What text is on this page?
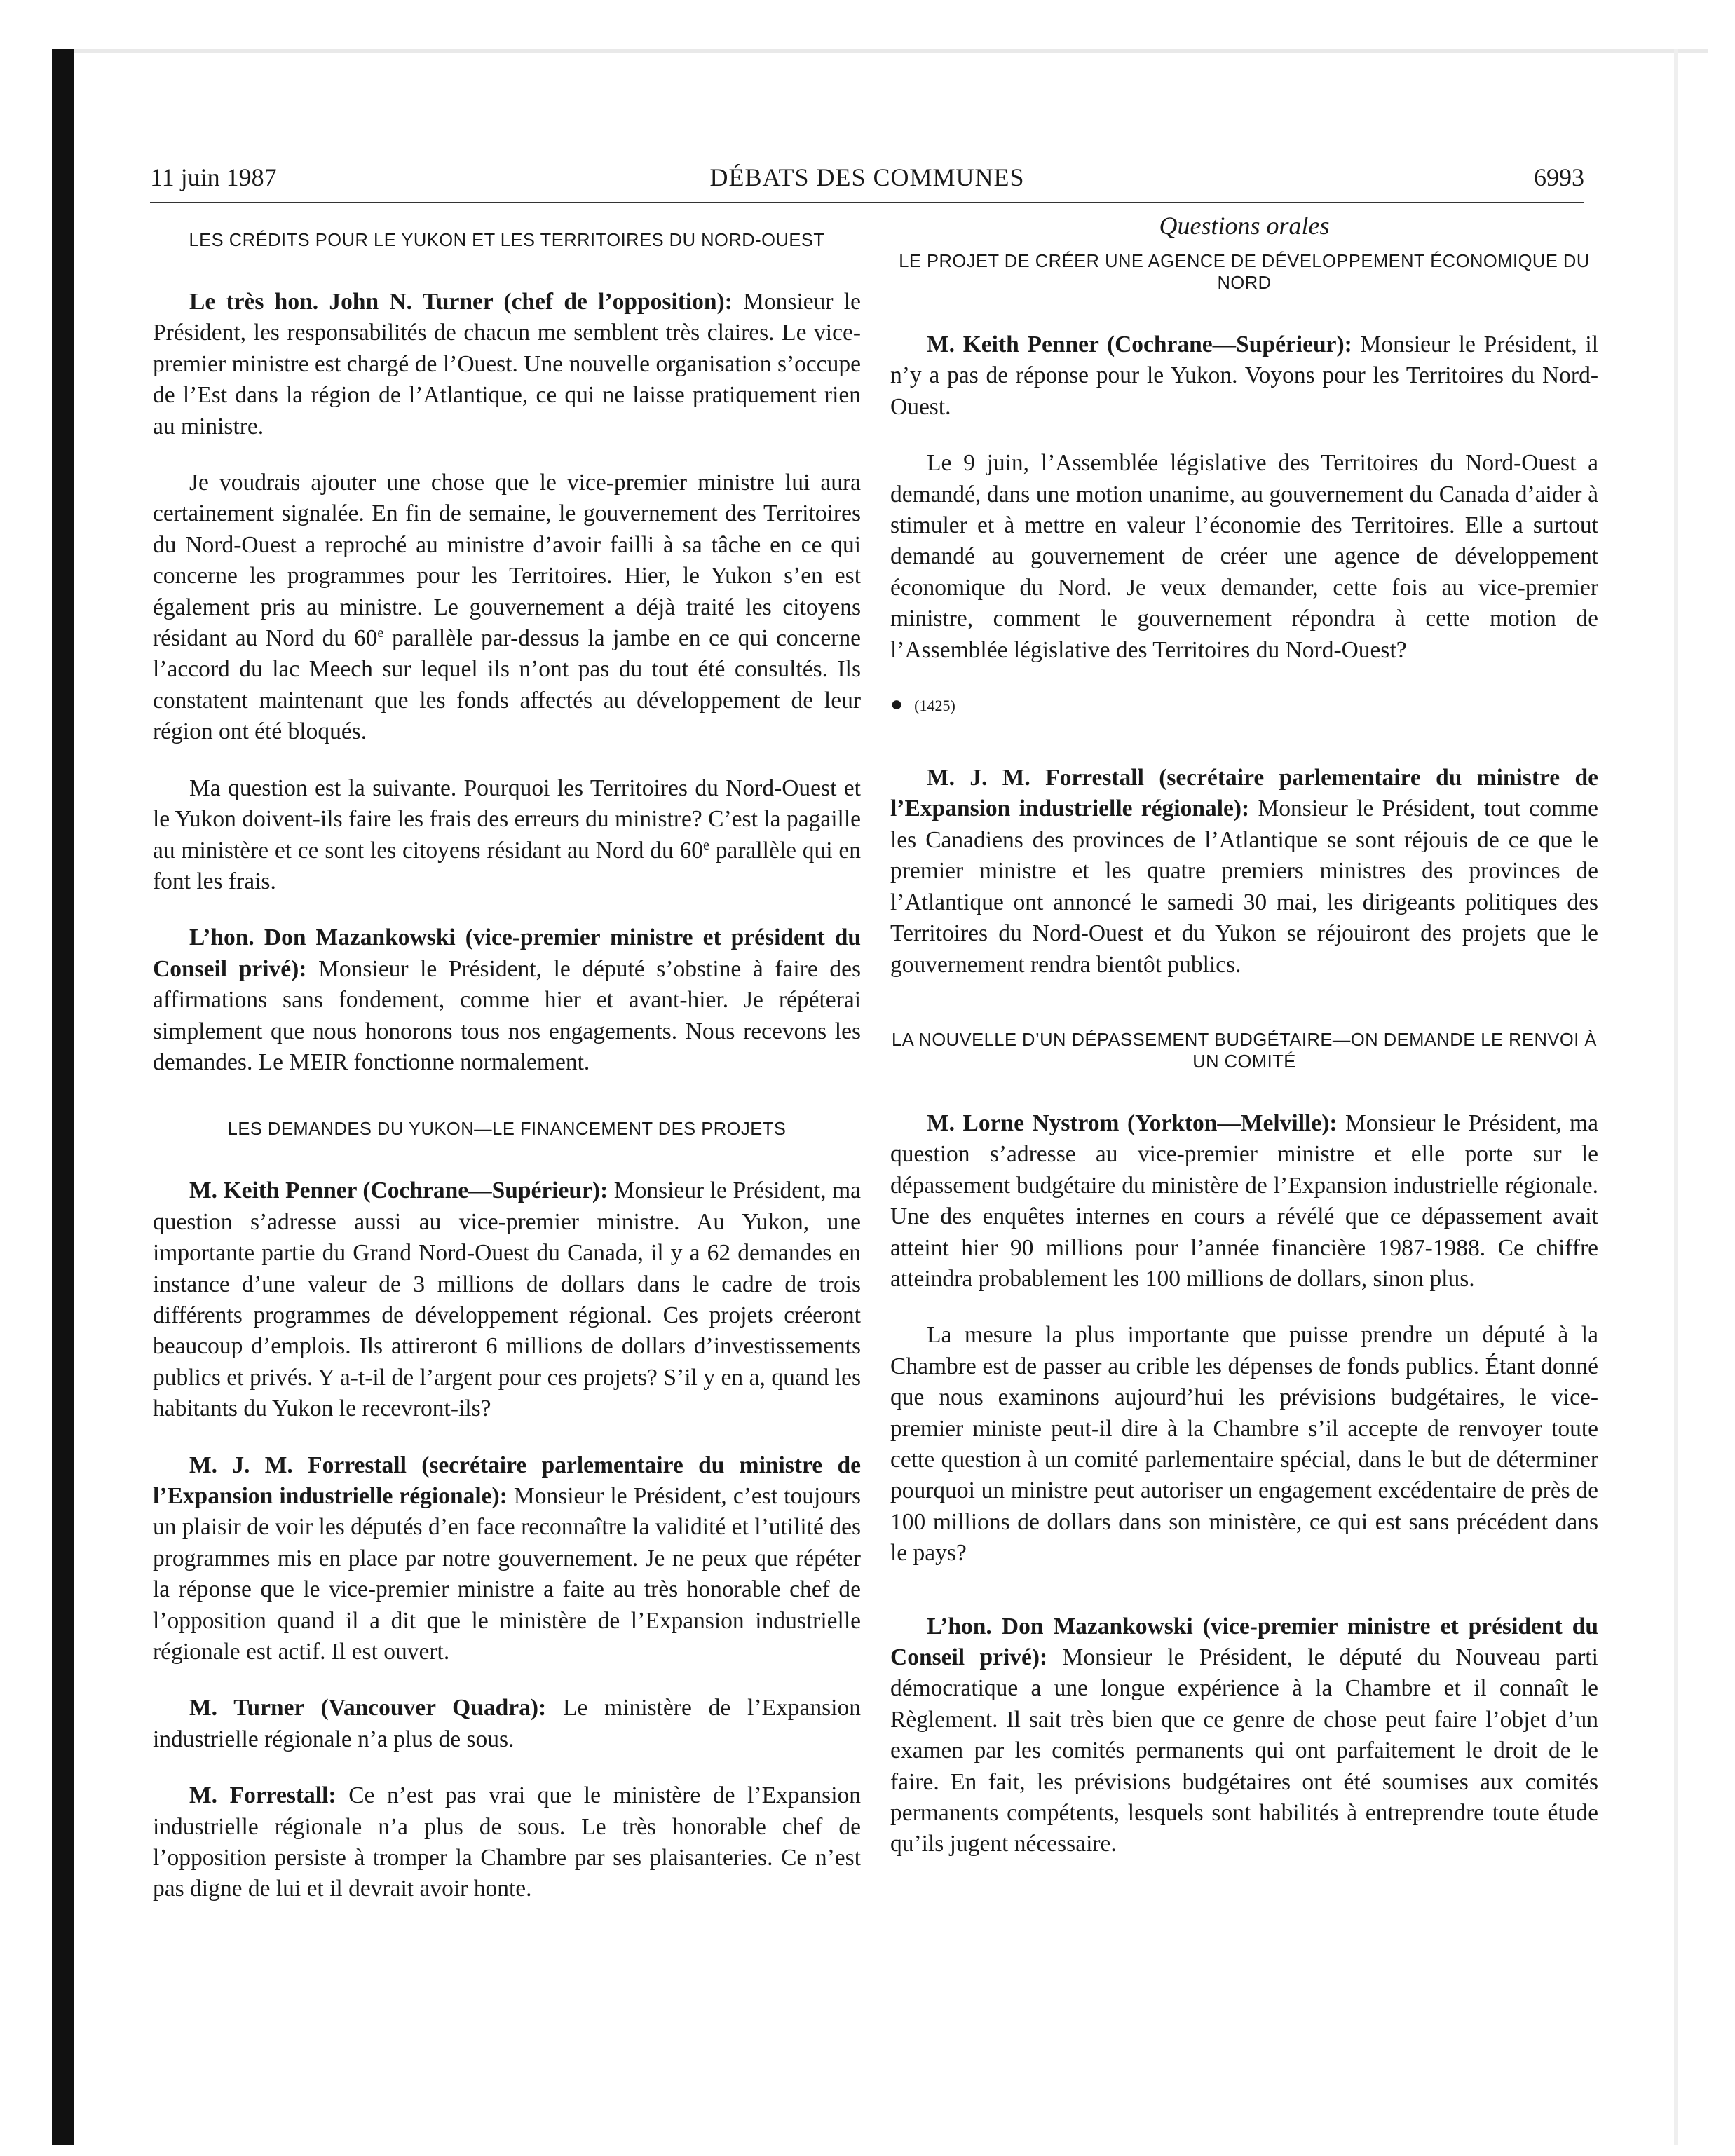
11 juin 1987	DÉBATS DES COMMUNES	6993

LES CRÉDITS POUR LE YUKON ET LES TERRITOIRES DU NORD-OUEST

Le très hon. John N. Turner (chef de l’opposition): Monsieur le Président, les responsabilités de chacun me semblent très claires. Le vice-premier ministre est chargé de l’Ouest. Une nouvelle organisation s’occupe de l’Est dans la région de l’Atlantique, ce qui ne laisse pratiquement rien au ministre.

Je voudrais ajouter une chose que le vice-premier ministre lui aura certainement signalée. En fin de semaine, le gouvernement des Territoires du Nord-Ouest a reproché au ministre d’avoir failli à sa tâche en ce qui concerne les programmes pour les Territoires. Hier, le Yukon s’en est également pris au ministre. Le gouvernement a déjà traité les citoyens résidant au Nord du 60e parallèle par-dessus la jambe en ce qui concerne l’accord du lac Meech sur lequel ils n’ont pas du tout été consultés. Ils constatent maintenant que les fonds affectés au développement de leur région ont été bloqués.

Ma question est la suivante. Pourquoi les Territoires du Nord-Ouest et le Yukon doivent-ils faire les frais des erreurs du ministre? C’est la pagaille au ministère et ce sont les citoyens résidant au Nord du 60e parallèle qui en font les frais.

L’hon. Don Mazankowski (vice-premier ministre et président du Conseil privé): Monsieur le Président, le député s’obstine à faire des affirmations sans fondement, comme hier et avant-hier. Je répéterai simplement que nous honorons tous nos engagements. Nous recevons les demandes. Le MEIR fonctionne normalement.

LES DEMANDES DU YUKON—LE FINANCEMENT DES PROJETS

M. Keith Penner (Cochrane—Supérieur): Monsieur le Président, ma question s’adresse aussi au vice-premier ministre. Au Yukon, une importante partie du Grand Nord-Ouest du Canada, il y a 62 demandes en instance d’une valeur de 3 millions de dollars dans le cadre de trois différents programmes de développement régional. Ces projets créeront beaucoup d’emplois. Ils attireront 6 millions de dollars d’investissements publics et privés. Y a-t-il de l’argent pour ces projets? S’il y en a, quand les habitants du Yukon le recevront-ils?

M. J. M. Forrestall (secrétaire parlementaire du ministre de l’Expansion industrielle régionale): Monsieur le Président, c’est toujours un plaisir de voir les députés d’en face reconnaître la validité et l’utilité des programmes mis en place par notre gouvernement. Je ne peux que répéter la réponse que le vice-premier ministre a faite au très honorable chef de l’opposition quand il a dit que le ministère de l’Expansion industrielle régionale est actif. Il est ouvert.

M. Turner (Vancouver Quadra): Le ministère de l’Expansion industrielle régionale n’a plus de sous.

M. Forrestall: Ce n’est pas vrai que le ministère de l’Expansion industrielle régionale n’a plus de sous. Le très honorable chef de l’opposition persiste à tromper la Chambre par ses plaisanteries. Ce n’est pas digne de lui et il devrait avoir honte.

Questions orales

LE PROJET DE CRÉER UNE AGENCE DE DÉVELOPPEMENT ÉCONOMIQUE DU NORD

M. Keith Penner (Cochrane—Supérieur): Monsieur le Président, il n’y a pas de réponse pour le Yukon. Voyons pour les Territoires du Nord-Ouest.

Le 9 juin, l’Assemblée législative des Territoires du Nord-Ouest a demandé, dans une motion unanime, au gouvernement du Canada d’aider à stimuler et à mettre en valeur l’économie des Territoires. Elle a surtout demandé au gouvernement de créer une agence de développement économique du Nord. Je veux demander, cette fois au vice-premier ministre, comment le gouvernement répondra à cette motion de l’Assemblée législative des Territoires du Nord-Ouest?

● (1425)

M. J. M. Forrestall (secrétaire parlementaire du ministre de l’Expansion industrielle régionale): Monsieur le Président, tout comme les Canadiens des provinces de l’Atlantique se sont réjouis de ce que le premier ministre et les quatre premiers ministres des provinces de l’Atlantique ont annoncé le samedi 30 mai, les dirigeants politiques des Territoires du Nord-Ouest et du Yukon se réjouiront des projets que le gouvernement rendra bientôt publics.

LA NOUVELLE D’UN DÉPASSEMENT BUDGÉTAIRE—ON DEMANDE LE RENVOI À UN COMITÉ

M. Lorne Nystrom (Yorkton—Melville): Monsieur le Président, ma question s’adresse au vice-premier ministre et elle porte sur le dépassement budgétaire du ministère de l’Expansion industrielle régionale. Une des enquêtes internes en cours a révélé que ce dépassement avait atteint hier 90 millions pour l’année financière 1987-1988. Ce chiffre atteindra probablement les 100 millions de dollars, sinon plus.

La mesure la plus importante que puisse prendre un député à la Chambre est de passer au crible les dépenses de fonds publics. Étant donné que nous examinons aujourd’hui les prévisions budgétaires, le vice-premier ministe peut-il dire à la Chambre s’il accepte de renvoyer toute cette question à un comité parlementaire spécial, dans le but de déterminer pourquoi un ministre peut autoriser un engagement excédentaire de près de 100 millions de dollars dans son ministère, ce qui est sans précédent dans le pays?

L’hon. Don Mazankowski (vice-premier ministre et président du Conseil privé): Monsieur le Président, le député du Nouveau parti démocratique a une longue expérience à la Chambre et il connaît le Règlement. Il sait très bien que ce genre de chose peut faire l’objet d’un examen par les comités permanents qui ont parfaitement le droit de le faire. En fait, les prévisions budgétaires ont été soumises aux comités permanents compétents, lesquels sont habilités à entreprendre toute étude qu’ils jugent nécessaire.
